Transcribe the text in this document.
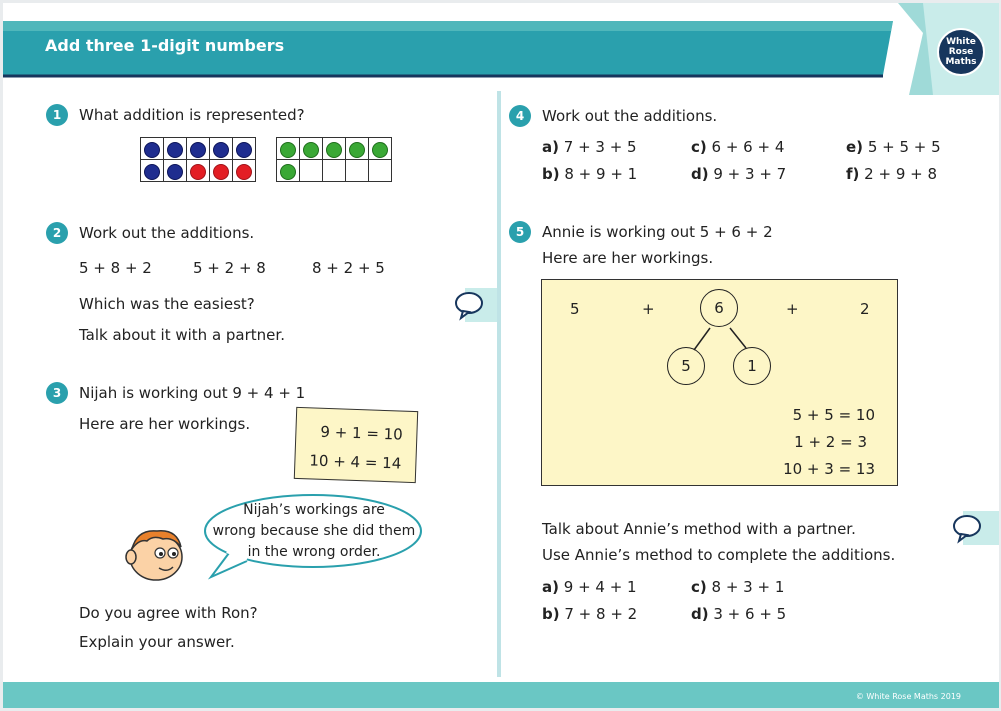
Add three 1-digit numbers	White
Rose
Maths
1	What addition is represented?

2	Work out the additions.
5 + 8 + 2	5 + 2 + 8	8 + 2 + 5
Which was the easiest?
Talk about it with a partner.
3	Nijah is working out 9 + 4 + 1
Here are her workings.	9 + 1 = 10
10 + 4 = 14
Nijah’s workings are
wrong because she did them
in the wrong order.
Do you agree with Ron?
Explain your answer.
4	Work out the additions.
a) 7 + 3 + 5
b) 8 + 9 + 1
c) 6 + 6 + 4
d) 9 + 3 + 7
e) 5 + 5 + 5
f) 2 + 9 + 8
5	Annie is working out 5 + 6 + 2
Here are her workings.
5	+	6	+	2
5	1
5 + 5 = 10
1 + 2 = 3
10 + 3 = 13
Talk about Annie’s method with a partner.
Use Annie’s method to complete the additions.
a) 9 + 4 + 1
b) 7 + 8 + 2
c) 8 + 3 + 1
d) 3 + 6 + 5
© White Rose Maths 2019
